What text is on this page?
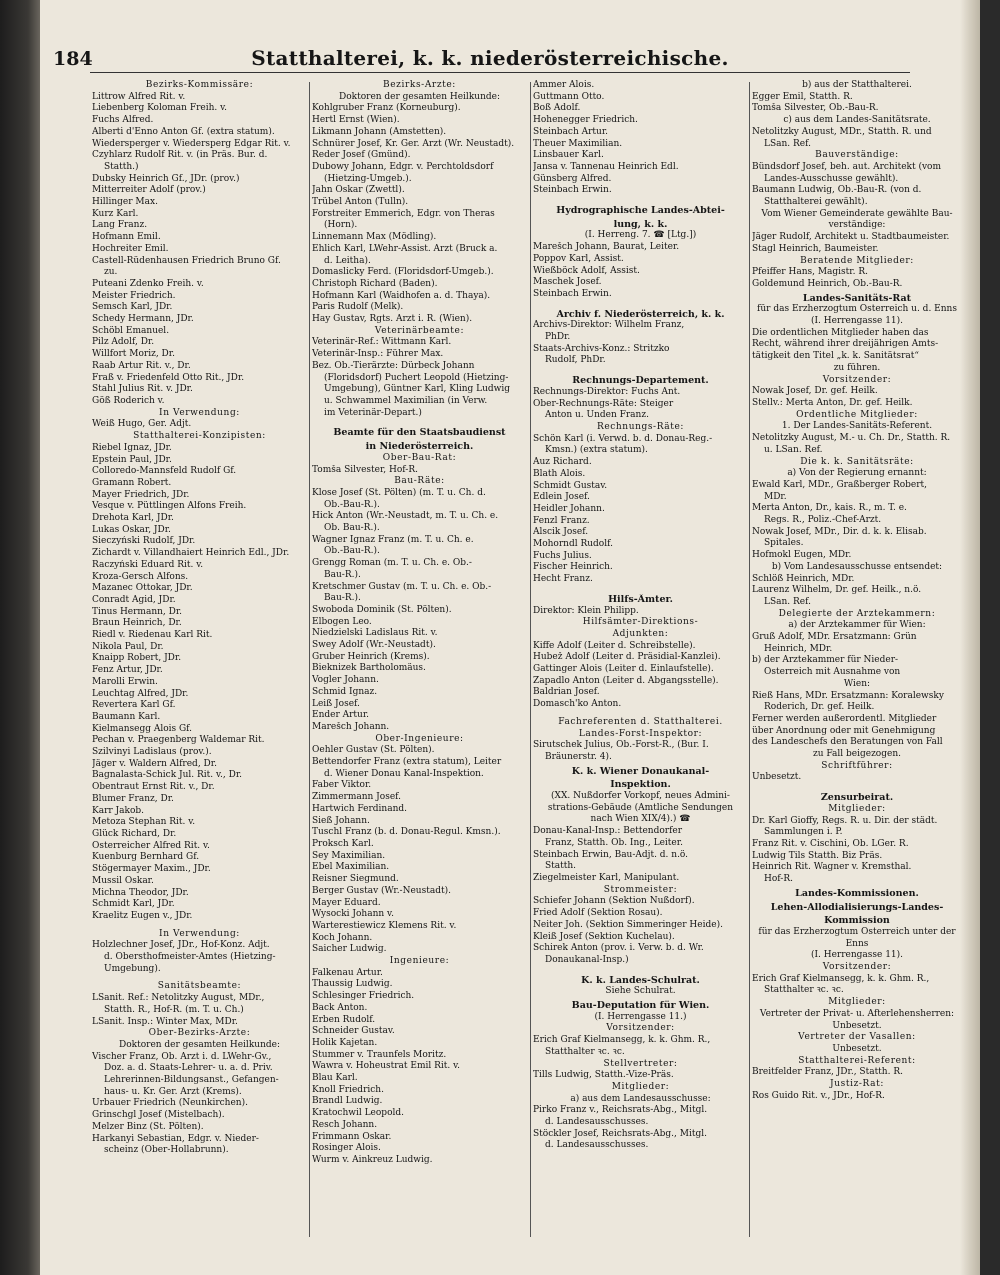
184	Statthalterei, k. k. niederösterreichische.
Bezirks-Kommissäre:
Littrow Alfred Rit. v.
Liebenberg Koloman Freih. v.
Fuchs Alfred.
Alberti d'Enno Anton Gf. (extra statum).
Wiedersperger v. Wiedersperg Edgar Rit. v.
Czyhlarz Rudolf Rit. v. (in Präs. Bur. d.
Statth.)
Dubsky Heinrich Gf., JDr. (prov.)
Mitterreiter Adolf (prov.)
Hillinger Max.
Kurz Karl.
Lang Franz.
Hofmann Emil.
Hochreiter Emil.
Castell-Rüdenhausen Friedrich Bruno Gf.
zu.
Puteani Zdenko Freih. v.
Meister Friedrich.
Semsch Karl, JDr.
Schedy Hermann, JDr.
Schöbl Emanuel.
Pilz Adolf, Dr.
Willfort Moriz, Dr.
Raab Artur Rit. v., Dr.
Fraß v. Friedenfeld Otto Rit., JDr.
Stahl Julius Rit. v. JDr.
Göß Roderich v.
In Verwendung:
Weiß Hugo, Ger. Adjt.
Statthalterei-Konzipisten:
Riebel Ignaz, JDr.
Epstein Paul, JDr.
Colloredo-Mannsfeld Rudolf Gf.
Gramann Robert.
Mayer Friedrich, JDr.
Vesque v. Püttlingen Alfons Freih.
Drehota Karl, JDr.
Lukas Oskar, JDr.
Sieczyński Rudolf, JDr.
Zichardt v. Villandhaiert Heinrich Edl., JDr.
Raczyński Eduard Rit. v.
Kroza-Gersch Alfons.
Mazanec Ottokar, JDr.
Conradt Agid, JDr.
Tinus Hermann, Dr.
Braun Heinrich, Dr.
Riedl v. Riedenau Karl Rit.
Nikola Paul, Dr.
Knaipp Robert, JDr.
Fenz Artur, JDr.
Marolli Erwin.
Leuchtag Alfred, JDr.
Revertera Karl Gf.
Baumann Karl.
Kielmansegg Alois Gf.
Pechan v. Praegenberg Waldemar Rit.
Szilvinyi Ladislaus (prov.).
Jäger v. Waldern Alfred, Dr.
Bagnalasta-Schick Jul. Rit. v., Dr.
Obentraut Ernst Rit. v., Dr.
Blumer Franz, Dr.
Karr Jakob.
Metoza Stephan Rit. v.
Glück Richard, Dr.
Österreicher Alfred Rit. v.
Kuenburg Bernhard Gf.
Stögermayer Maxim., JDr.
Mussil Oskar.
Michna Theodor, JDr.
Schmidt Karl, JDr.
Kraelitz Eugen v., JDr.
In Verwendung:
Holzlechner Josef, JDr., Hof-Konz. Adjt.
d. Obersthofmeister-Amtes (Hietzing-
Umgebung).
Sanitätsbeamte:
LSanit. Ref.: Netolitzky August, MDr.,
Statth. R., Hof-R. (m. T. u. Ch.)
LSanit. Insp.: Winter Max, MDr.
Ober-Bezirks-Ärzte:
Doktoren der gesamten Heilkunde:
Vischer Franz, Ob. Arzt i. d. LWehr-Gv.,
Doz. a. d. Staats-Lehrer- u. a. d. Priv.
Lehrerinnen-Bildungsanst., Gefangen-
haus- u. Kr. Ger. Arzt (Krems).
Urbauer Friedrich (Neunkirchen).
Grinschgl Josef (Mistelbach).
Melzer Binz (St. Pölten).
Harkanyi Sebastian, Edgr. v. Nieder-
scheinz (Ober-Hollabrunn).
Bezirks-Ärzte:
Doktoren der gesamten Heilkunde:
Kohlgruber Franz (Korneuburg).
Hertl Ernst (Wien).
Likmann Johann (Amstetten).
Schnürer Josef, Kr. Ger. Arzt (Wr. Neustadt).
Reder Josef (Gmünd).
Dubowy Johann, Edgr. v. Perchtoldsdorf
(Hietzing-Umgeb.).
Jahn Oskar (Zwettl).
Trübel Anton (Tulln).
Forstreiter Emmerich, Edgr. von Theras
(Horn).
Linnemann Max (Mödling).
Ehlich Karl, LWehr-Assist. Arzt (Bruck a.
d. Leitha).
Domaslicky Ferd. (Floridsdorf-Umgeb.).
Christoph Richard (Baden).
Hofmann Karl (Waidhofen a. d. Thaya).
Paris Rudolf (Melk).
Hay Gustav, Rgts. Arzt i. R. (Wien).
Veterinärbeamte:
Veterinär-Ref.: Wittmann Karl.
Veterinär-Insp.: Führer Max.
Bez. Ob.-Tierärzte: Dürbeck Johann
(Floridsdorf) Puchert Leopold (Hietzing-
Umgebung), Güntner Karl, Kling Ludwig
u. Schwammel Maximilian (in Verw.
im Veterinär-Depart.)
Beamte für den Staatsbaudienst
in Niederösterreich.
Ober-Bau-Rat:
Tomša Silvester, Hof-R.
Bau-Räte:
Klose Josef (St. Pölten) (m. T. u. Ch. d.
Ob.-Bau-R.).
Hick Anton (Wr.-Neustadt, m. T. u. Ch. e.
Ob. Bau-R.).
Wagner Ignaz Franz (m. T. u. Ch. e.
Ob.-Bau-R.).
Grengg Roman (m. T. u. Ch. e. Ob.-
Bau-R.).
Kretschmer Gustav (m. T. u. Ch. e. Ob.-
Bau-R.).
Swoboda Dominik (St. Pölten).
Elbogen Leo.
Niedzielski Ladislaus Rit. v.
Swey Adolf (Wr.-Neustadt).
Gruber Heinrich (Krems).
Bieknizek Bartholomäus.
Vogler Johann.
Schmid Ignaz.
Leiß Josef.
Ender Artur.
Marešch Johann.
Ober-Ingenieure:
Oehler Gustav (St. Pölten).
Bettendorfer Franz (extra statum), Leiter
d. Wiener Donau Kanal-Inspektion.
Faber Viktor.
Zimmermann Josef.
Hartwich Ferdinand.
Sieß Johann.
Tuschl Franz (b. d. Donau-Regul. Kmsn.).
Proksch Karl.
Sey Maximilian.
Ebel Maximilian.
Reisner Siegmund.
Berger Gustav (Wr.-Neustadt).
Mayer Eduard.
Wysocki Johann v.
Warterestiewicz Klemens Rit. v.
Koch Johann.
Saicher Ludwig.
Ingenieure:
Falkenau Artur.
Thaussig Ludwig.
Schlesinger Friedrich.
Back Anton.
Erben Rudolf.
Schneider Gustav.
Holik Kajetan.
Stummer v. Traunfels Moritz.
Wawra v. Hoheustrat Emil Rit. v.
Blau Karl.
Knoll Friedrich.
Brandl Ludwig.
Kratochwil Leopold.
Resch Johann.
Frimmann Oskar.
Rosinger Alois.
Wurm v. Ainkreuz Ludwig.
Ammer Alois.
Guttmann Otto.
Boß Adolf.
Hohenegger Friedrich.
Steinbach Artur.
Theuer Maximilian.
Linsbauer Karl.
Jansa v. Tannenau Heinrich Edl.
Günsberg Alfred.
Steinbach Erwin.
Hydrographische Landes-Abtei-
lung, k. k.
(I. Herreng. 7. ☎ [Ltg.])
Marešch Johann, Baurat, Leiter.
Poppov Karl, Assist.
Wießböck Adolf, Assist.
Maschek Josef.
Steinbach Erwin.
Archiv f. Niederösterreich, k. k.
Archivs-Direktor: Wilhelm Franz,
PhDr.
Staats-Archivs-Konz.: Stritzko
Rudolf, PhDr.
Rechnungs-Departement.
Rechnungs-Direktor: Fuchs Ant.
Ober-Rechnungs-Räte: Steiger
Anton u. Unden Franz.
Rechnungs-Räte:
Schön Karl (i. Verwd. b. d. Donau-Reg.-
Kmsn.) (extra statum).
Auz Richard.
Blath Alois.
Schmidt Gustav.
Edlein Josef.
Heidler Johann.
Fenzl Franz.
Alscik Josef.
Mohorndl Rudolf.
Fuchs Julius.
Fischer Heinrich.
Hecht Franz.
Hilfs-Ämter.
Direktor: Klein Philipp.
Hilfsämter-Direktions-
Adjunkten:
Kiffe Adolf (Leiter d. Schreibstelle).
Hubež Adolf (Leiter d. Präsidial-Kanzlei).
Gattinger Alois (Leiter d. Einlaufstelle).
Zapadlo Anton (Leiter d. Abgangsstelle).
Baldrian Josef.
Domasch'ko Anton.
Fachreferenten d. Statthalterei.
Landes-Forst-Inspektor:
Sirutschek Julius, Ob.-Forst-R., (Bur. I.
Bräunerstr. 4).
K. k. Wiener Donaukanal-
Inspektion.
(XX. Nußdorfer Vorkopf, neues Admini-
strations-Gebäude (Amtliche Sendungen
nach Wien XIX/4).) ☎
Donau-Kanal-Insp.: Bettendorfer
Franz, Statth. Ob. Ing., Leiter.
Steinbach Erwin, Bau-Adjt. d. n.ö.
Statth.
Ziegelmeister Karl, Manipulant.
Strommeister:
Schiefer Johann (Sektion Nußdorf).
Fried Adolf (Sektion Rosau).
Neiter Joh. (Sektion Simmeringer Heide).
Kleiß Josef (Sektion Kuchelau).
Schirek Anton (prov. i. Verw. b. d. Wr.
Donaukanal-Insp.)
K. k. Landes-Schulrat.
Siehe Schulrat.
Bau-Deputation für Wien.
(I. Herrengasse 11.)
Vorsitzender:
Erich Graf Kielmansegg, k. k. Ghm. R.,
Statthalter ꝛc. ꝛc.
Stellvertreter:
Tills Ludwig, Statth.-Vize-Präs.
Mitglieder:
a) aus dem Landesausschusse:
Pirko Franz v., Reichsrats-Abg., Mitgl.
d. Landesausschusses.
Stöckler Josef, Reichsrats-Abg., Mitgl.
d. Landesausschusses.
b) aus der Statthalterei.
Egger Emil, Statth. R.
Tomša Silvester, Ob.-Bau-R.
c) aus dem Landes-Sanitätsrate.
Netolitzky August, MDr., Statth. R. und
LSan. Ref.
Bauverständige:
Bündsdorf Josef, beh. aut. Architekt (vom
Landes-Ausschusse gewählt).
Baumann Ludwig, Ob.-Bau-R. (von d.
Statthalterei gewählt).
Vom Wiener Gemeinderate gewählte Bau-
verständige:
Jäger Rudolf, Architekt u. Stadtbaumeister.
Stagl Heinrich, Baumeister.
Beratende Mitglieder:
Pfeiffer Hans, Magistr. R.
Goldemund Heinrich, Ob.-Bau-R.
Landes-Sanitäts-Rat
für das Erzherzogtum Österreich u. d. Enns
(I. Herrengasse 11).
Die ordentlichen Mitglieder haben das
Recht, während ihrer dreijährigen Amts-
tätigkeit den Titel „k. k. Sanitätsrat“
zu führen.
Vorsitzender:
Nowak Josef, Dr. gef. Heilk.
Stellv.: Merta Anton, Dr. gef. Heilk.
Ordentliche Mitglieder:
1. Der Landes-Sanitäts-Referent.
Netolitzky August, M.- u. Ch. Dr., Statth. R.
u. LSan. Ref.
Die k. k. Sanitätsräte:
a) Von der Regierung ernannt:
Ewald Karl, MDr., Graßberger Robert,
MDr.
Merta Anton, Dr., kais. R., m. T. e.
Regs. R., Poliz.-Chef-Arzt.
Nowak Josef, MDr., Dir. d. k. k. Elisab.
Spitales.
Hofmokl Eugen, MDr.
b) Vom Landesausschusse entsendet:
Schlöß Heinrich, MDr.
Laurenz Wilhelm, Dr. gef. Heilk., n.ö.
LSan. Ref.
Delegierte der Ärztekammern:
a) der Ärztekammer für Wien:
Gruß Adolf, MDr. Ersatzmann: Grün
Heinrich, MDr.
b) der Ärztekammer für Nieder-
Österreich mit Ausnahme von
Wien:
Rieß Hans, MDr. Ersatzmann: Koralewsky
Roderich, Dr. gef. Heilk.
Ferner werden außerordentl. Mitglieder
über Anordnung oder mit Genehmigung
des Landeschefs den Beratungen von Fall
zu Fall beigezogen.
Schriftführer:
Unbesetzt.
Zensurbeirat.
Mitglieder:
Dr. Karl Gioffy, Regs. R. u. Dir. der städt.
Sammlungen i. P.
Franz Rit. v. Cischini, Ob. LGer. R.
Ludwig Tils Statth. Biz Präs.
Heinrich Rit. Wagner v. Kremsthal.
Hof-R.
Landes-Kommissionen.
Lehen-Allodialisierungs-Landes-
Kommission
für das Erzherzogtum Österreich unter der
Enns
(I. Herrengasse 11).
Vorsitzender:
Erich Graf Kielmansegg, k. k. Ghm. R.,
Statthalter ꝛc. ꝛc.
Mitglieder:
Vertreter der Privat- u. Afterlehensherren:
Unbesetzt.
Vertreter der Vasallen:
Unbesetzt.
Statthalterei-Referent:
Breitfelder Franz, JDr., Statth. R.
Justiz-Rat:
Ros Guido Rit. v., JDr., Hof-R.
